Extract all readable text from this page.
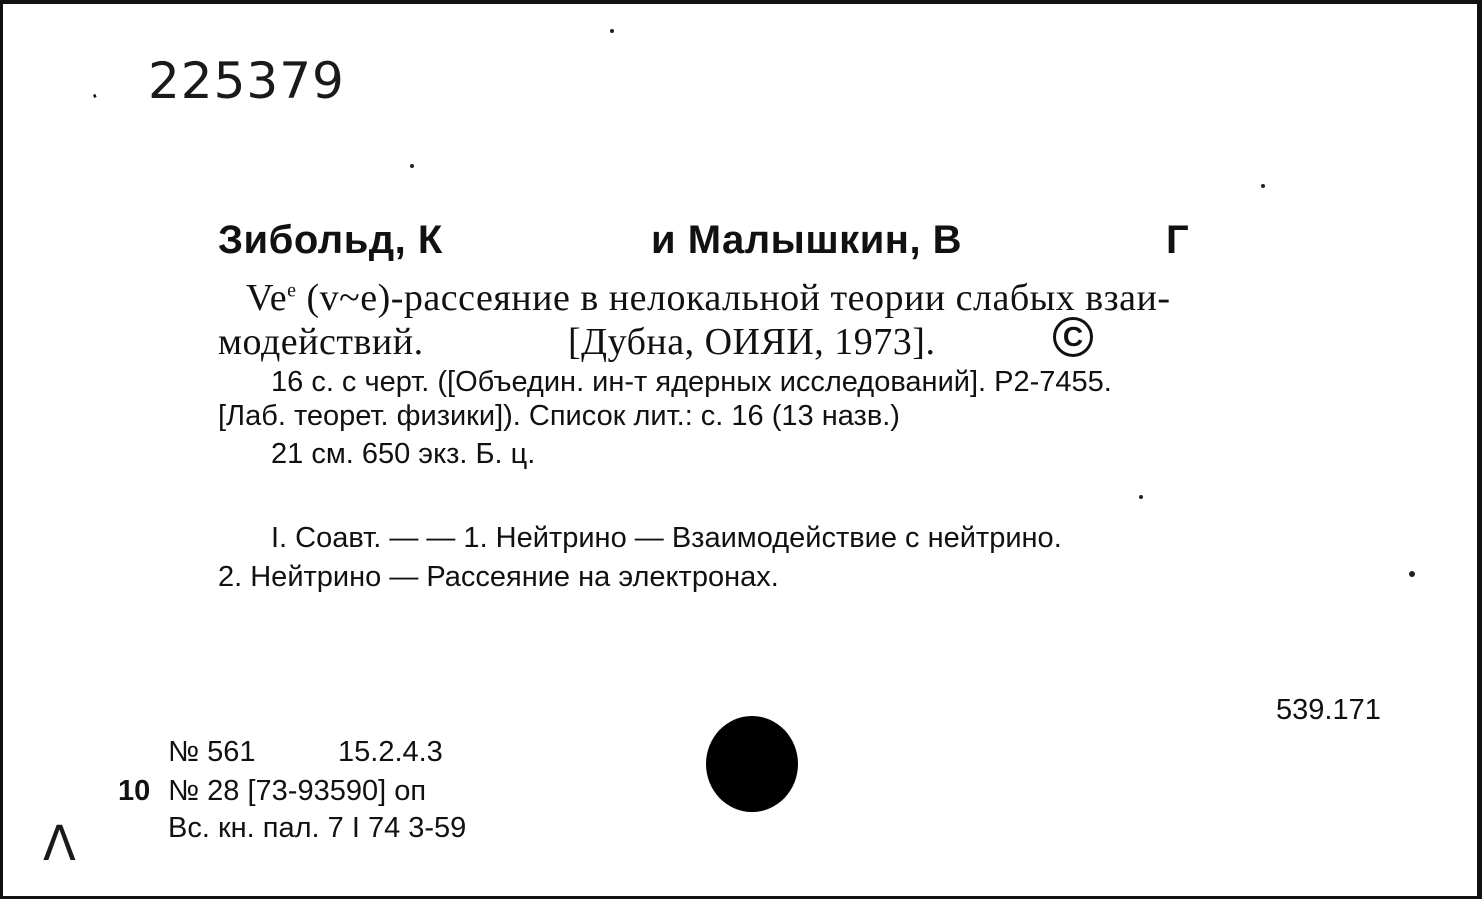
225379
·
Зибольд, К	и Малышкин, В	Г
Ve$^e$ (v~e)-рассеяние в нелокальной теории слабых взаи-
модействий.	[Дубна, ОИЯИ, 1973].	C
16 с. с черт. ([Объедин. ин-т ядерных исследований]. Р2-7455.
[Лаб. теорет. физики]). Список лит.: с. 16 (13 назв.)
21 см. 650 экз. Б. ц.
I. Соавт. — — 1. Нейтрино — Взаимодействие с нейтрино.
2. Нейтрино — Рассеяние на электронах.
539.171
№ 561	15.2.4.3
10 № 28 [73-93590] оп
Вс. кн. пал. 7 I 74 3-59
Λ
